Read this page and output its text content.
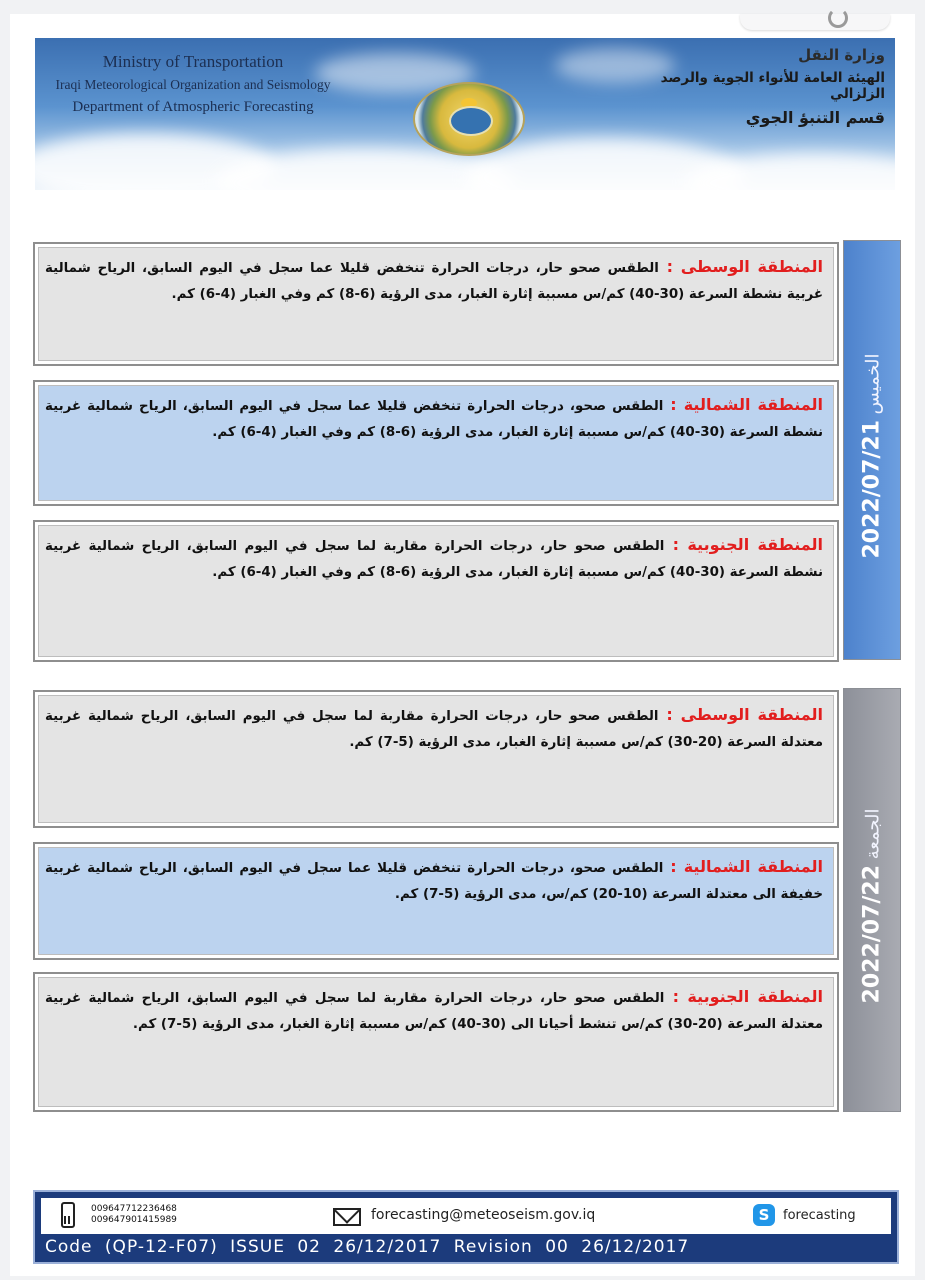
Ministry of Transportation
Iraqi Meteorological Organization and Seismology
Department of Atmospheric Forecasting
وزارة النقل
الهيئة العامة للأنواء الجوية والرصد الزلزالي
قسم التنبؤ الجوي
الخميس 2022/07/21
المنطقة الوسطى : الطقس صحو حار، درجات الحرارة تنخفض قليلا عما سجل في اليوم السابق، الرياح شمالية غربية نشطة السرعة (30-40) كم/س مسببة إثارة الغبار، مدى الرؤية (6-8) كم وفي الغبار (4-6) كم.
المنطقة الشمالية : الطقس صحو، درجات الحرارة تنخفض قليلا عما سجل في اليوم السابق، الرياح شمالية غربية نشطة السرعة (30-40) كم/س مسببة إثارة الغبار، مدى الرؤية (6-8) كم وفي الغبار (4-6) كم.
المنطقة الجنوبية : الطقس صحو حار، درجات الحرارة مقاربة لما سجل في اليوم السابق، الرياح شمالية غربية نشطة السرعة (30-40) كم/س مسببة إثارة الغبار، مدى الرؤية (6-8) كم وفي الغبار (4-6) كم.
الجمعة 2022/07/22
المنطقة الوسطى : الطقس صحو حار، درجات الحرارة مقاربة لما سجل في اليوم السابق، الرياح شمالية غربية معتدلة السرعة (20-30) كم/س مسببة إثارة الغبار، مدى الرؤية (5-7) كم.
المنطقة الشمالية : الطقس صحو، درجات الحرارة تنخفض قليلا عما سجل في اليوم السابق، الرياح شمالية غربية خفيفة الى معتدلة السرعة (10-20) كم/س، مدى الرؤية (5-7) كم.
المنطقة الجنوبية : الطقس صحو حار، درجات الحرارة مقاربة لما سجل في اليوم السابق، الرياح شمالية غربية معتدلة السرعة (20-30) كم/س تنشط أحيانا الى (30-40) كم/س مسببة إثارة الغبار، مدى الرؤية (5-7) كم.
009647712236468
009647901415989	forecasting@meteoseism.gov.iq	S	forecasting
Code (QP-12-F07) ISSUE 02 26/12/2017 Revision 00 26/12/2017
